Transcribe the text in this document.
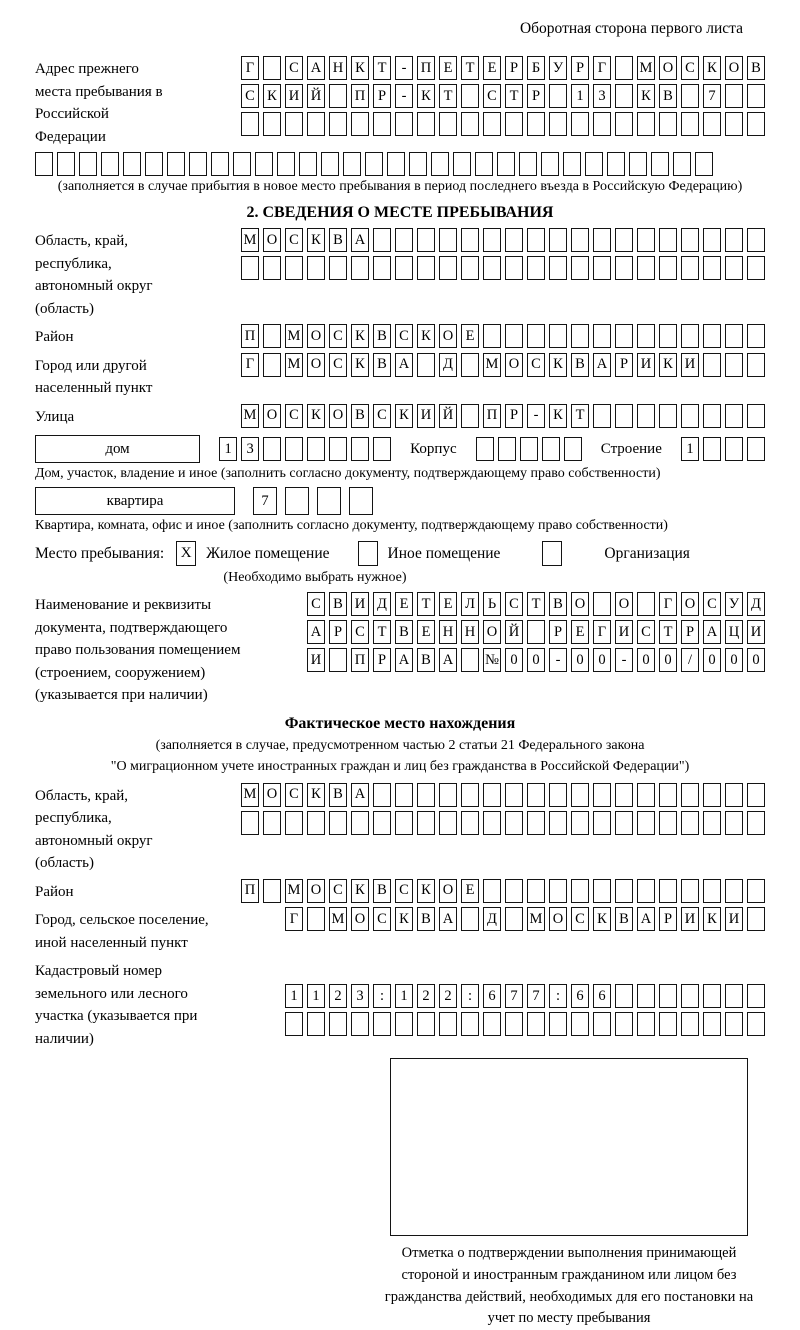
Оборотная сторона первого листа
Адрес прежнего места пребывания в Российской Федерации
Г	С А Н К Т	- П Е Т Е Р Б У Р Г	М О С К О В
С К И Й П Р	-	К Т	С Т Р	1	3	К В	7
(заполняется в случае прибытия в новое место пребывания в период последнего въезда в Российскую Федерацию)
2. СВЕДЕНИЯ О МЕСТЕ ПРЕБЫВАНИЯ
Область, край, республика, автономный округ (область)
М О С К В А
Район	П М О С К В С К О Е
Город или другой населенный пункт
Г	М О С К В А Д М О С К В А Р И К И
Улица	М О С К О В С К И Й П Р	-	К Т
дом	1	3	Корпус	Строение	1
Дом, участок, владение и иное (заполнить согласно документу, подтверждающему право собственности)
квартира	7
Квартира, комната, офис и иное (заполнить согласно документу, подтверждающему право собственности)
Место пребывания:	X Жилое помещение	Иное помещение	Организация
(Необходимо выбрать нужное)
Наименование и реквизиты документа, подтверждающего право пользования помещением (строением, сооружением) (указывается при наличии)
С В И Д Е Т Е Л Ь С Т В О О	Г О С У Д
А Р С Т В Е Н Н О Й	Р Е Г И С Т Р А Ц И
И П Р А В А № 0	0	-	0	0	-	0	0	/	0	0	0
Фактическое место нахождения
(заполняется в случае, предусмотренном частью 2 статьи 21 Федерального закона
"О миграционном учете иностранных граждан и лиц без гражданства в Российской Федерации")
Область, край, республика, автономный округ (область)
М О С К В А
Район	П М О С К В С К О Е
Город, сельское поселение, иной населенный пункт
Г	М О С К В А Д М О С К В А Р И К И
Кадастровый номер земельного или лесного участка (указывается при наличии)
1	1	2	3	:	1	2	2	:	6	7	7	:	6	6
Отметка о подтверждении выполнения принимающей стороной и иностранным гражданином или лицом без гражданства действий, необходимых для его постановки на учет по месту пребывания
